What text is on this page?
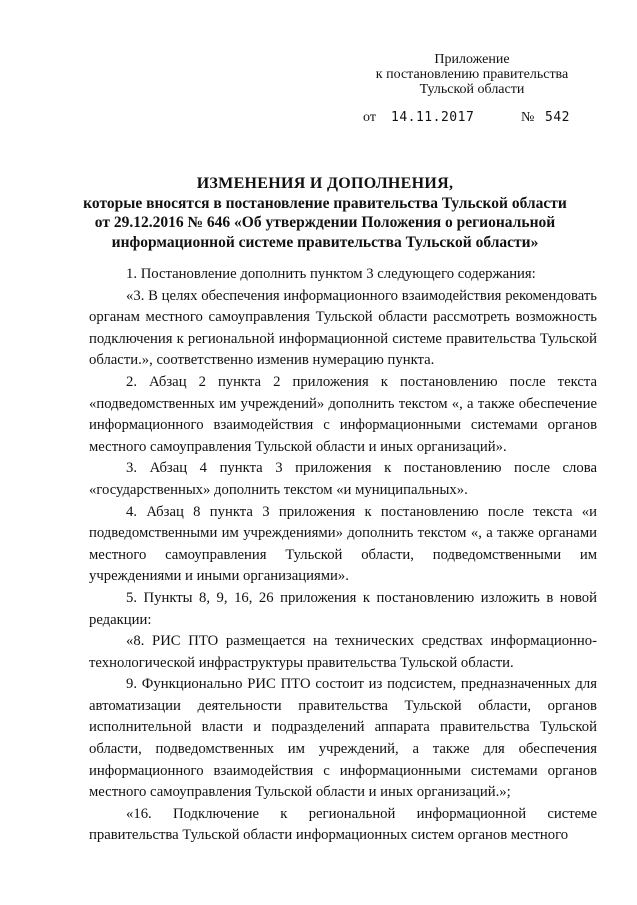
Приложение
к постановлению правительства
Тульской области
от 14.11.2017	№ 542
ИЗМЕНЕНИЯ И ДОПОЛНЕНИЯ,
которые вносятся в постановление правительства Тульской области
от 29.12.2016 № 646 «Об утверждении Положения о региональной
информационной системе правительства Тульской области»

1. Постановление дополнить пунктом 3 следующего содержания:

«3. В целях обеспечения информационного взаимодействия рекомендовать органам местного самоуправления Тульской области рассмотреть возможность подключения к региональной информационной системе правительства Тульской области.», соответственно изменив нумерацию пункта.

2. Абзац 2 пункта 2 приложения к постановлению после текста «подведомственных им учреждений» дополнить текстом «, а также обеспечение информационного взаимодействия с информационными системами органов местного самоуправления Тульской области и иных организаций».

3. Абзац 4 пункта 3 приложения к постановлению после слова «государственных» дополнить текстом «и муниципальных».

4. Абзац 8 пункта 3 приложения к постановлению после текста «и подведомственными им учреждениями» дополнить текстом «, а также органами местного самоуправления Тульской области, подведомственными им учреждениями и иными организациями».

5. Пункты 8, 9, 16, 26 приложения к постановлению изложить в новой редакции:

«8. РИС ПТО размещается на технических средствах информационно-технологической инфраструктуры правительства Тульской области.

9. Функционально РИС ПТО состоит из подсистем, предназначенных для автоматизации деятельности правительства Тульской области, органов исполнительной власти и подразделений аппарата правительства Тульской области, подведомственных им учреждений, а также для обеспечения информационного взаимодействия с информационными системами органов местного самоуправления Тульской области и иных организаций.»;

«16. Подключение к региональной информационной системе правительства Тульской области информационных систем органов местного
